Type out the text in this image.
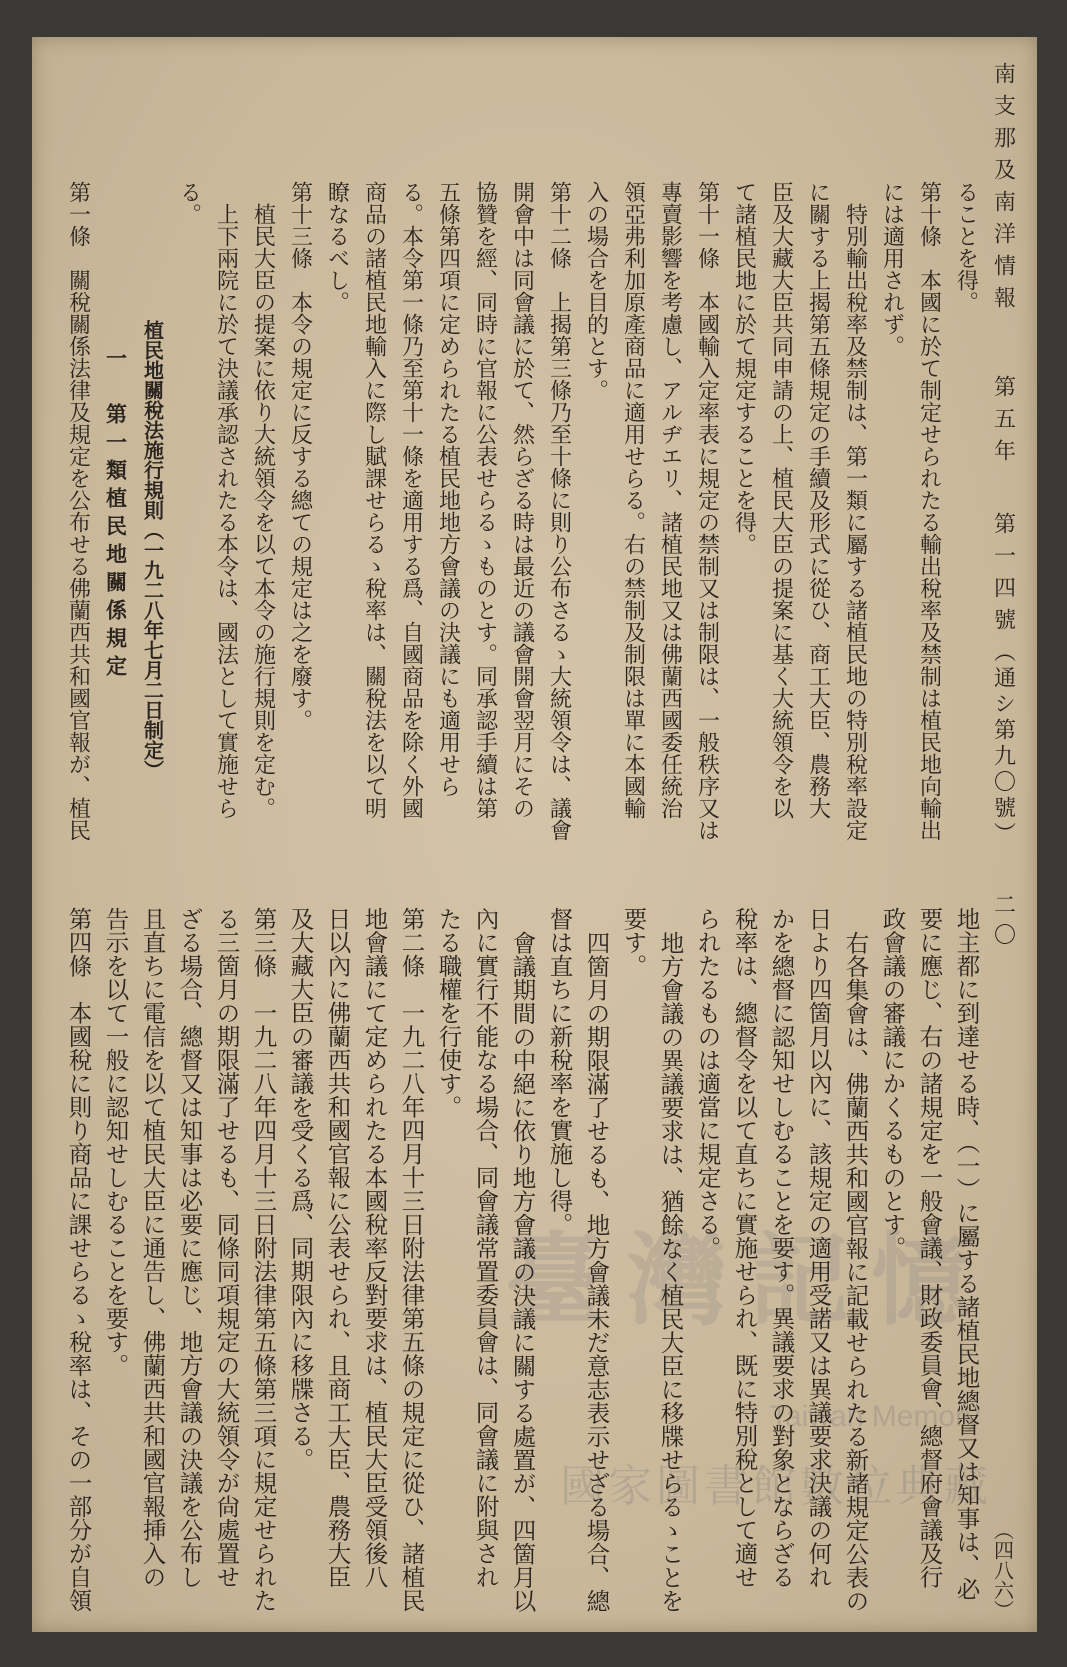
臺灣記憶
Taiwan Memory
國家圖書館數位典藏
南支那及南洋情報第五年第一四號（通シ第九〇號）
ることを得。
第十條　本國に於て制定せられたる輸出稅率及禁制は植民地向輸出
には適用されず。
特別輸出稅率及禁制は、第一類に屬する諸植民地の特別稅率設定
に關する上揭第五條規定の手續及形式に從ひ、商工大臣、農務大
臣及大藏大臣共同申請の上、植民大臣の提案に基く大統領令を以
て諸植民地に於て規定することを得。
第十一條　本國輸入定率表に規定の禁制又は制限は、一般秩序又は
專賣影響を考慮し、アルヂエリ、諸植民地又は佛蘭西國委任統治
領亞弗利加原產商品に適用せらる。右の禁制及制限は單に本國輸
入の場合を目的とす。
第十二條　上揭第三條乃至十條に則り公布さるゝ大統領令は、議會
開會中は同會議に於て、然らざる時は最近の議會開會翌月にその
協贊を經、同時に官報に公表せらるゝものとす。同承認手續は第
五條第四項に定められたる植民地地方會議の決議にも適用せら
る。本令第一條乃至第十一條を適用する爲、自國商品を除く外國
商品の諸植民地輸入に際し賦課せらるゝ稅率は、關稅法を以て明
瞭なるべし。
第十三條　本令の規定に反する總ての規定は之を廢す。
植民大臣の提案に依り大統領令を以て本令の施行規則を定む。
上下兩院に於て決議承認されたる本令は、國法として實施せら
る。
植民地關稅法施行規則（一九二八年七月二日制定）
一　第一類植民地關係規定
第一條　關稅關係法律及規定を公布せる佛蘭西共和國官報が、植民
二〇（四八六）
地主都に到達せる時、（一）に屬する諸植民地總督又は知事は、必
要に應じ、右の諸規定を一般會議、財政委員會、總督府會議及行
政會議の審議にかくるものとす。
右各集會は、佛蘭西共和國官報に記載せられたる新諸規定公表の
日より四箇月以內に、該規定の適用受諾又は異議要求決議の何れ
かを總督に認知せしむることを要す。異議要求の對象とならざる
稅率は、總督令を以て直ちに實施せられ、既に特別稅として適せ
られたるものは適當に規定さる。
地方會議の異議要求は、猶餘なく植民大臣に移牒せらるゝことを
要す。
四箇月の期限滿了せるも、地方會議未だ意志表示せざる場合、總
督は直ちに新稅率を實施し得。
會議期間の中絕に依り地方會議の決議に關する處置が、四箇月以
內に實行不能なる場合、同會議常置委員會は、同會議に附與され
たる職權を行使す。
第二條　一九二八年四月十三日附法律第五條の規定に從ひ、諸植民
地會議にて定められたる本國稅率反對要求は、植民大臣受領後八
日以內に佛蘭西共和國官報に公表せられ、且商工大臣、農務大臣
及大藏大臣の審議を受くる爲、同期限內に移牒さる。
第三條　一九二八年四月十三日附法律第五條第三項に規定せられた
る三箇月の期限滿了せるも、同條同項規定の大統領令が尙處置せ
ざる場合、總督又は知事は必要に應じ、地方會議の決議を公布し
且直ちに電信を以て植民大臣に通告し、佛蘭西共和國官報挿入の
告示を以て一般に認知せしむることを要す。
第四條　本國稅に則り商品に課せらるゝ稅率は、その一部分が自領
